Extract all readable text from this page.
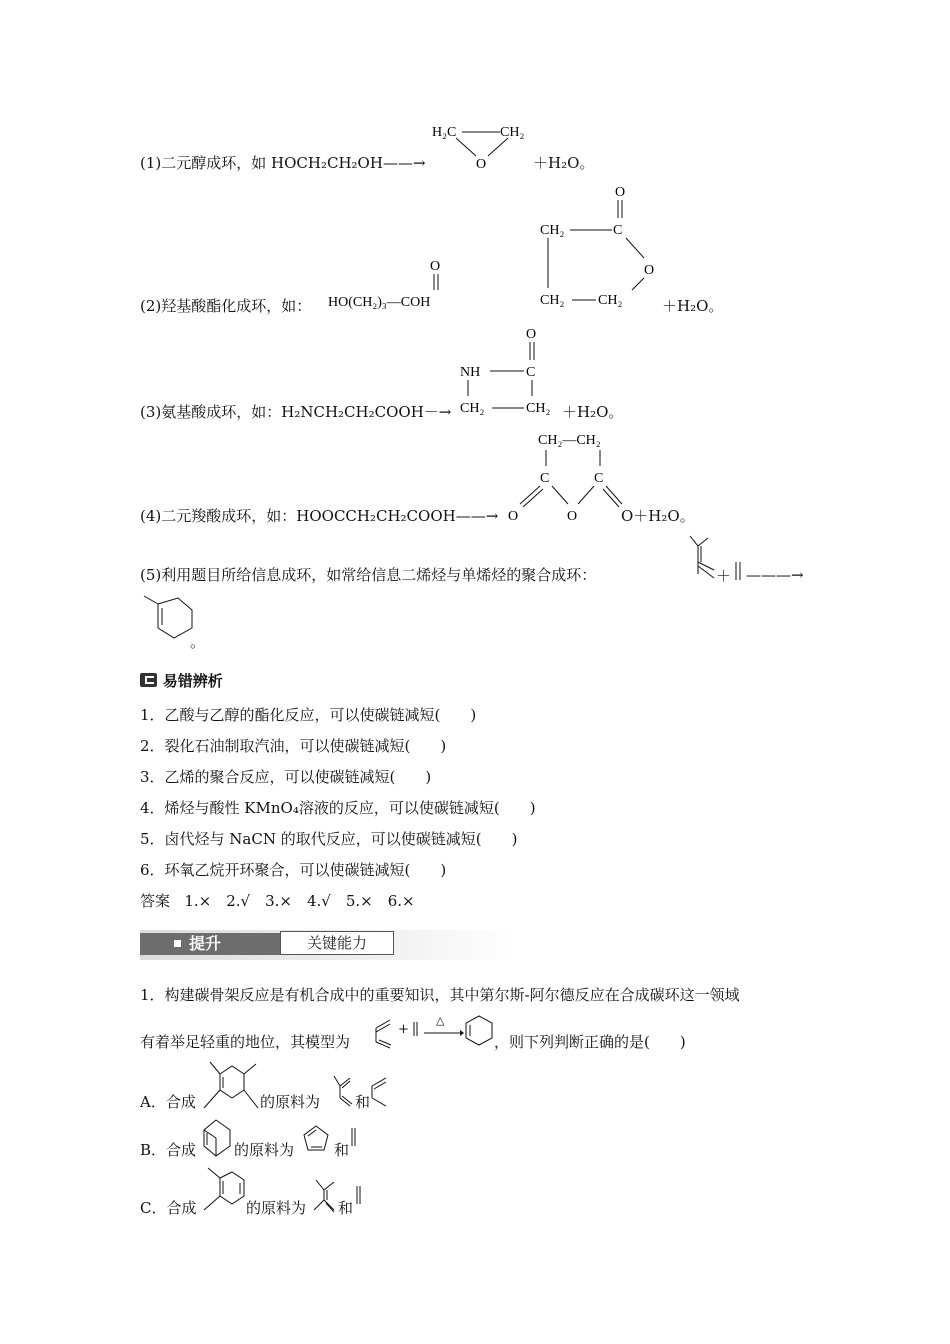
(1)二元醇成环，如 HOCH₂CH₂OH——→
H₂C	CH₂
O	＋H₂O。
(2)羟基酸酯化成环，如：
O
HO(CH₂)₃—COH
O
CH₂	C
O
CH₂ CH₂	＋H₂O。
(3)氨基酸成环，如：H₂NCH₂CH₂COOH－→
O
NH	C
CH₂	CH₂ ＋H₂O。
(4)二元羧酸成环，如：HOOCCH₂CH₂COOH——→
CH₂—CH₂
C	C
O	O	O＋H₂O。
(5)利用题目所给信息成环，如常给信息二烯烃与单烯烃的聚合成环：	＋ ———→
。
易错辨析
1．乙酸与乙醇的酯化反应，可以使碳链减短(　　)
2．裂化石油制取汽油，可以使碳链减短(　　)
3．乙烯的聚合反应，可以使碳链减短(　　)
4．烯烃与酸性 KMnO₄溶液的反应，可以使碳链减短(　　)
5．卤代烃与 NaCN 的取代反应，可以使碳链减短(　　)
6．环氧乙烷开环聚合，可以使碳链减短(　　)
答案 1.×　2.√　3.×　4.√　5.×　6.×
提升	关键能力
1．构建碳骨架反应是有机合成中的重要知识，其中第尔斯-阿尔德反应在合成碳环这一领域
有着举足轻重的地位，其模型为
+
△
，则下列判断正确的是(　　)
A．合成	的原料为 和
B．合成	的原料为	和
C．合成	的原料为 和
